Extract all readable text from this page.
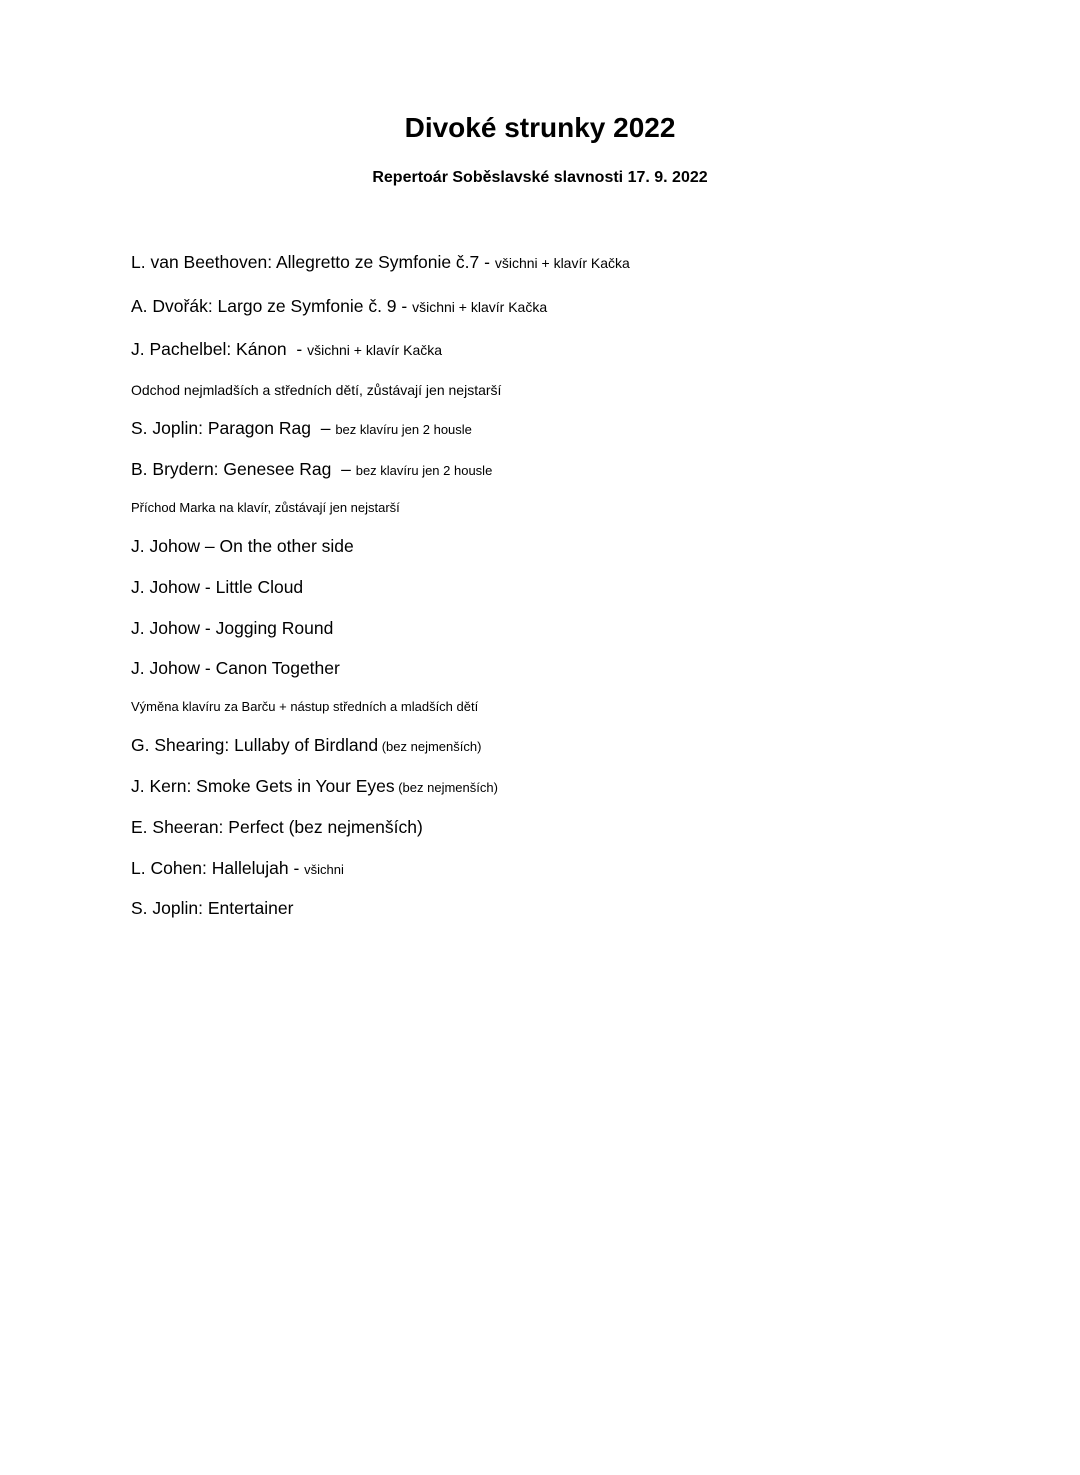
Divoké strunky 2022
Repertoár Soběslavské slavnosti 17. 9. 2022
L. van Beethoven: Allegretto ze Symfonie č.7 - všichni + klavír Kačka
A. Dvořák: Largo ze Symfonie č. 9 - všichni + klavír Kačka
J. Pachelbel: Kánon  - všichni + klavír Kačka
Odchod nejmladších a středních dětí, zůstávají jen nejstarší
S. Joplin: Paragon Rag  – bez klavíru jen 2 housle
B. Brydern: Genesee Rag  – bez klavíru jen 2 housle
Příchod Marka na klavír, zůstávají jen nejstarší
J. Johow – On the other side
J. Johow - Little Cloud
J. Johow - Jogging Round
J. Johow - Canon Together
Výměna klavíru za Barču + nástup středních a mladších dětí
G. Shearing: Lullaby of Birdland (bez nejmenších)
J. Kern: Smoke Gets in Your Eyes (bez nejmenších)
E. Sheeran: Perfect (bez nejmenších)
L. Cohen: Hallelujah - všichni
S. Joplin: Entertainer
